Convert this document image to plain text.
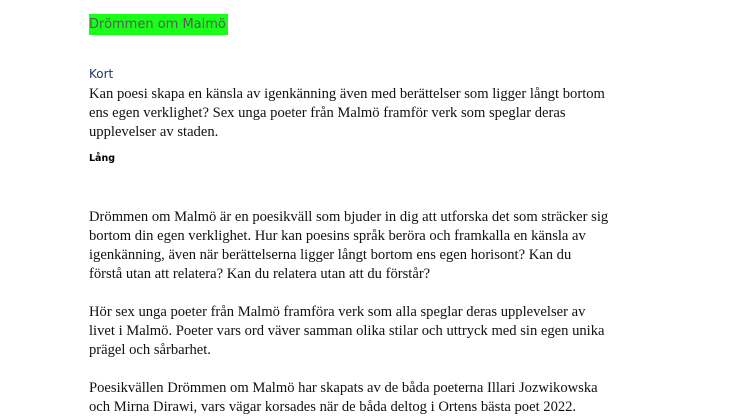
Drömmen om Malmö
Kort

Kan poesi skapa en känsla av igenkänning även med berättelser som ligger långt bortom
ens egen verklighet? Sex unga poeter från Malmö framför verk som speglar deras
upplevelser av staden.

Lång

Drömmen om Malmö är en poesikväll som bjuder in dig att utforska det som sträcker sig
bortom din egen verklighet. Hur kan poesins språk beröra och framkalla en känsla av
igenkänning, även när berättelserna ligger långt bortom ens egen horisont? Kan du
förstå utan att relatera? Kan du relatera utan att du förstår?

Hör sex unga poeter från Malmö framföra verk som alla speglar deras upplevelser av
livet i Malmö. Poeter vars ord väver samman olika stilar och uttryck med sin egen unika
prägel och sårbarhet.

Poesikvällen Drömmen om Malmö har skapats av de båda poeterna Illari Jozwikowska
och Mirna Dirawi, vars vägar korsades när de båda deltog i Ortens bästa poet 2022.
